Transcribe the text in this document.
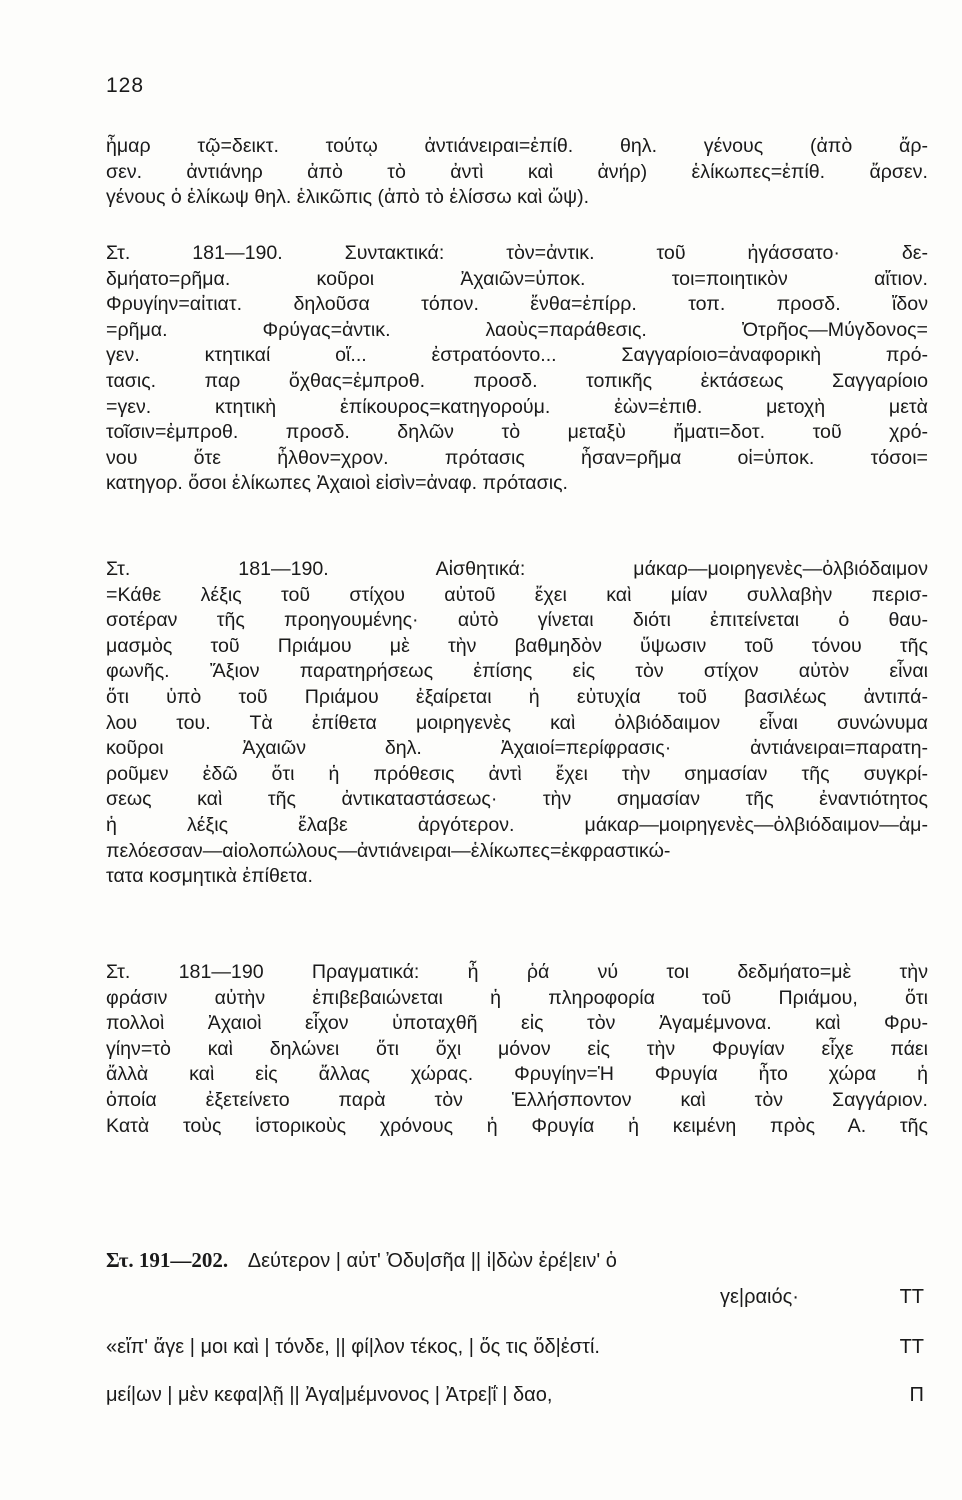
128
ἦμαρ τῷ=δεικτ. τούτῳ ἀντιάνειραι=ἐπίθ. θηλ. γένους (ἀπὸ ἄρ-
σεν. ἀντιάνηρ ἀπὸ τὸ ἀντὶ καὶ ἀνήρ) ἑλίκωπες=ἐπίθ. ἄρσεν.
γένους ὁ ἑλίκωψ θηλ. ἑλικῶπις (ἀπὸ τὸ ἑλίσσω καὶ ὤψ).
Στ. 181—190. Συντακτικά: τὸν=ἀντικ. τοῦ ἠγάσσατο· δε-
δμήατο=ρῆμα. κοῦροι Ἀχαιῶν=ὑποκ. τοι=ποιητικὸν αἴτιον.
Φρυγίην=αἰτιατ. δηλοῦσα τόπον. ἔνθα=ἐπίρρ. τοπ. προσδ. ἴδον
=ρῆμα. Φρύγας=ἀντικ. λαοὺς=παράθεσις. Ὀτρῆος—Μύγδονος=
γεν. κτητικαί οἵ... ἐστρατόοντο... Σαγγαρίοιο=ἀναφορικὴ πρό-
τασις. παρ ὄχθας=ἐμπροθ. προσδ. τοπικῆς ἐκτάσεως Σαγγαρίοιο
=γεν. κτητικὴ ἐπίκουρος=κατηγορούμ. ἐὼν=ἐπιθ. μετοχὴ μετὰ
τοῖσιν=ἐμπροθ. προσδ. δηλῶν τὸ μεταξὺ ἤματι=δοτ. τοῦ χρό-
νου ὅτε ἦλθον=χρον. πρότασις ἦσαν=ρῆμα οἱ=ὑποκ. τόσοι=
κατηγορ. ὅσοι ἑλίκωπες Ἀχαιοὶ εἰσὶν=ἀναφ. πρότασις.
Στ. 181—190. Αἰσθητικά: μάκαρ—μοιρηγενὲς—ὀλβιόδαιμον
=Κάθε λέξις τοῦ στίχου αὐτοῦ ἔχει καὶ μίαν συλλαβὴν περισ-
σοτέραν τῆς προηγουμένης· αὐτὸ γίνεται διότι ἐπιτείνεται ὁ θαυ-
μασμὸς τοῦ Πριάμου μὲ τὴν βαθμηδὸν ὕψωσιν τοῦ τόνου τῆς
φωνῆς. Ἄξιον παρατηρήσεως ἐπίσης εἰς τὸν στίχον αὐτὸν εἶναι
ὅτι ὑπὸ τοῦ Πριάμου ἐξαίρεται ἡ εὐτυχία τοῦ βασιλέως ἀντιπά-
λου του. Τὰ ἐπίθετα μοιρηγενὲς καὶ ὀλβιόδαιμον εἶναι συνώνυμα
κοῦροι Ἀχαιῶν δηλ. Ἀχαιοί=περίφρασις· ἀντιάνειραι=παρατη-
ροῦμεν ἐδῶ ὅτι ἡ πρόθεσις ἀντὶ ἔχει τὴν σημασίαν τῆς συγκρί-
σεως καὶ τῆς ἀντικαταστάσεως· τὴν σημασίαν τῆς ἐναντιότητος
ἡ λέξις ἔλαβε ἀργότερον. μάκαρ—μοιρηγενὲς—ὀλβιόδαιμον—ἀμ-
πελόεσσαν—αἰολοπώλους—ἀντιάνειραι—ἑλίκωπες=ἐκφραστικώ-
τατα κοσμητικὰ ἐπίθετα.
Στ. 181—190 Πραγματικά: ἦ ῥά νύ τοι δεδμήατο=μὲ τὴν
φράσιν αὐτὴν ἐπιβεβαιώνεται ἡ πληροφορία τοῦ Πριάμου, ὅτι
πολλοὶ Ἀχαιοὶ εἶχον ὑποταχθῆ εἰς τὸν Ἀγαμέμνονα. καὶ Φρυ-
γίην=τὸ καὶ δηλώνει ὅτι ὄχι μόνον εἰς τὴν Φρυγίαν εἶχε πάει
ἄλλὰ καὶ εἰς ἄλλας χώρας. Φρυγίην=Ἡ Φρυγία ἦτο χώρα ἡ
ὁποία ἐξετείνετο παρὰ τὸν Ἑλλήσποντον καὶ τὸν Σαγγάριον.
Κατὰ τοὺς ἱστορικοὺς χρόνους ἡ Φρυγία ἡ κειμένη πρὸς Α. τῆς
Στ. 191—202. Δεύτερον | αὐτ' Ὀδυ|σῆα || ἰ|δὼν ἐρέ|ειν' ὁ
γε|ραιός·	ΤΤ
«εἴπ' ἄγε | μοι καὶ | τόνδε, || φί|λον τέκος, | ὅς τις ὅδ|ἐστί.	ΤΤ
μεί|ων | μὲν κεφα|λῇ || Ἀγα|μέμνονος | Ἀτρε|ΐ | δαο,	Π
